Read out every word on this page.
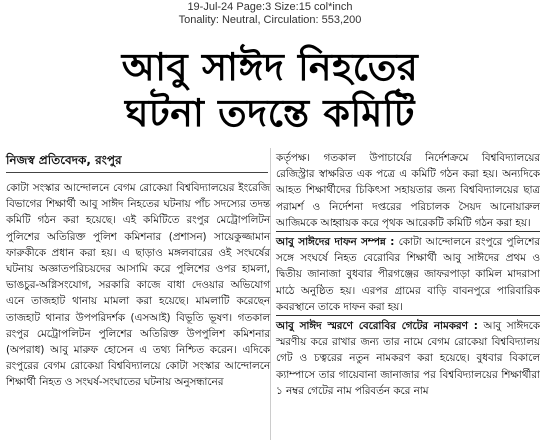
19-Jul-24 Page:3 Size:15 col*inch
Tonality: Neutral, Circulation: 553,200
আবু সাঈদ নিহতের
ঘটনা তদন্তে কমিটি
নিজস্ব প্রতিবেদক, রংপুর

কোটা সংস্কার আন্দোলনে বেগম রোকেয়া বিশ্ববিদ্যালয়ের ইংরেজি বিভাগের শিক্ষার্থী আবু সাঈদ নিহতের ঘটনায় পাঁচ সদস্যের তদন্ত কমিটি গঠন করা হয়েছে। এই কমিটিতে রংপুর মেট্রোপলিটন পুলিশের অতিরিক্ত পুলিশ কমিশনার (প্রশাসন) সায়েকুজ্জামান ফারুকীকে প্রধান করা হয়। এ ছাড়াও মঙ্গলবারের ওই সংঘর্ষের ঘটনায় অজ্ঞাতপরিচয়দের আসামি করে পুলিশের ওপর হামলা, ভাঙচুর-অগ্নিসংযোগ, সরকারি কাজে বাধা দেওয়ার অভিযোগ এনে তাজহাট থানায় মামলা করা হয়েছে। মামলাটি করেছেন তাজহাট থানার উপপরিদর্শক (এসআই) বিভূতি ভূষণ। গতকাল রংপুর মেট্রোপলিটন পুলিশের অতিরিক্ত উপপুলিশ কমিশনার (অপরাধ) আবু মারুফ হোসেন এ তথ্য নিশ্চিত করেন। এদিকে রংপুরের বেগম রোকেয়া বিশ্ববিদ্যালয়ে কোটা সংস্কার আন্দোলনে শিক্ষার্থী নিহত ও সংঘর্ষ-সংঘাতের ঘটনায় অনুসন্ধানের

কর্তৃপক্ষ। গতকাল উপাচার্যের নির্দেশক্রমে বিশ্ববিদ্যালয়ের রেজিস্ট্রার স্বাক্ষরিত এক পত্রে এ কমিটি গঠন করা হয়। অন্যদিকে আহত শিক্ষার্থীদের চিকিৎসা সহায়তার জন্য বিশ্ববিদ্যালয়ের ছাত্র পরামর্শ ও নির্দেশনা দপ্তরের পরিচালক সৈয়দ আনোয়ারুল আজিমকে আহ্বায়ক করে পৃথক আরেকটি কমিটি গঠন করা হয়।

আবু সাঈদের দাফন সম্পন্ন : কোটা আন্দোলনে রংপুরে পুলিশের সঙ্গে সংঘর্ষে নিহত বেরোবির শিক্ষার্থী আবু সাঈদের প্রথম ও দ্বিতীয় জানাজা বুধবার পীরগঞ্জের জাফরপাড়া কামিল মাদরাসা মাঠে অনুষ্ঠিত হয়। এরপর গ্রামের বাড়ি বাবনপুরে পারিবারিক কবরস্থানে তাকে দাফন করা হয়।

আবু সাঈদ স্মরণে বেরোবির গেটের নামকরণ : আবু সাঈদকে স্মরণীয় করে রাখার জন্য তার নামে বেগম রোকেয়া বিশ্ববিদ্যালয় গেট ও চত্বরের নতুন নামকরণ করা হয়েছে। বুধবার বিকালে ক্যাম্পাসে তার গায়েবানা জানাজার পর বিশ্ববিদ্যালয়ের শিক্ষার্থীরা ১ নম্বর গেটের নাম পরিবর্তন করে নাম
